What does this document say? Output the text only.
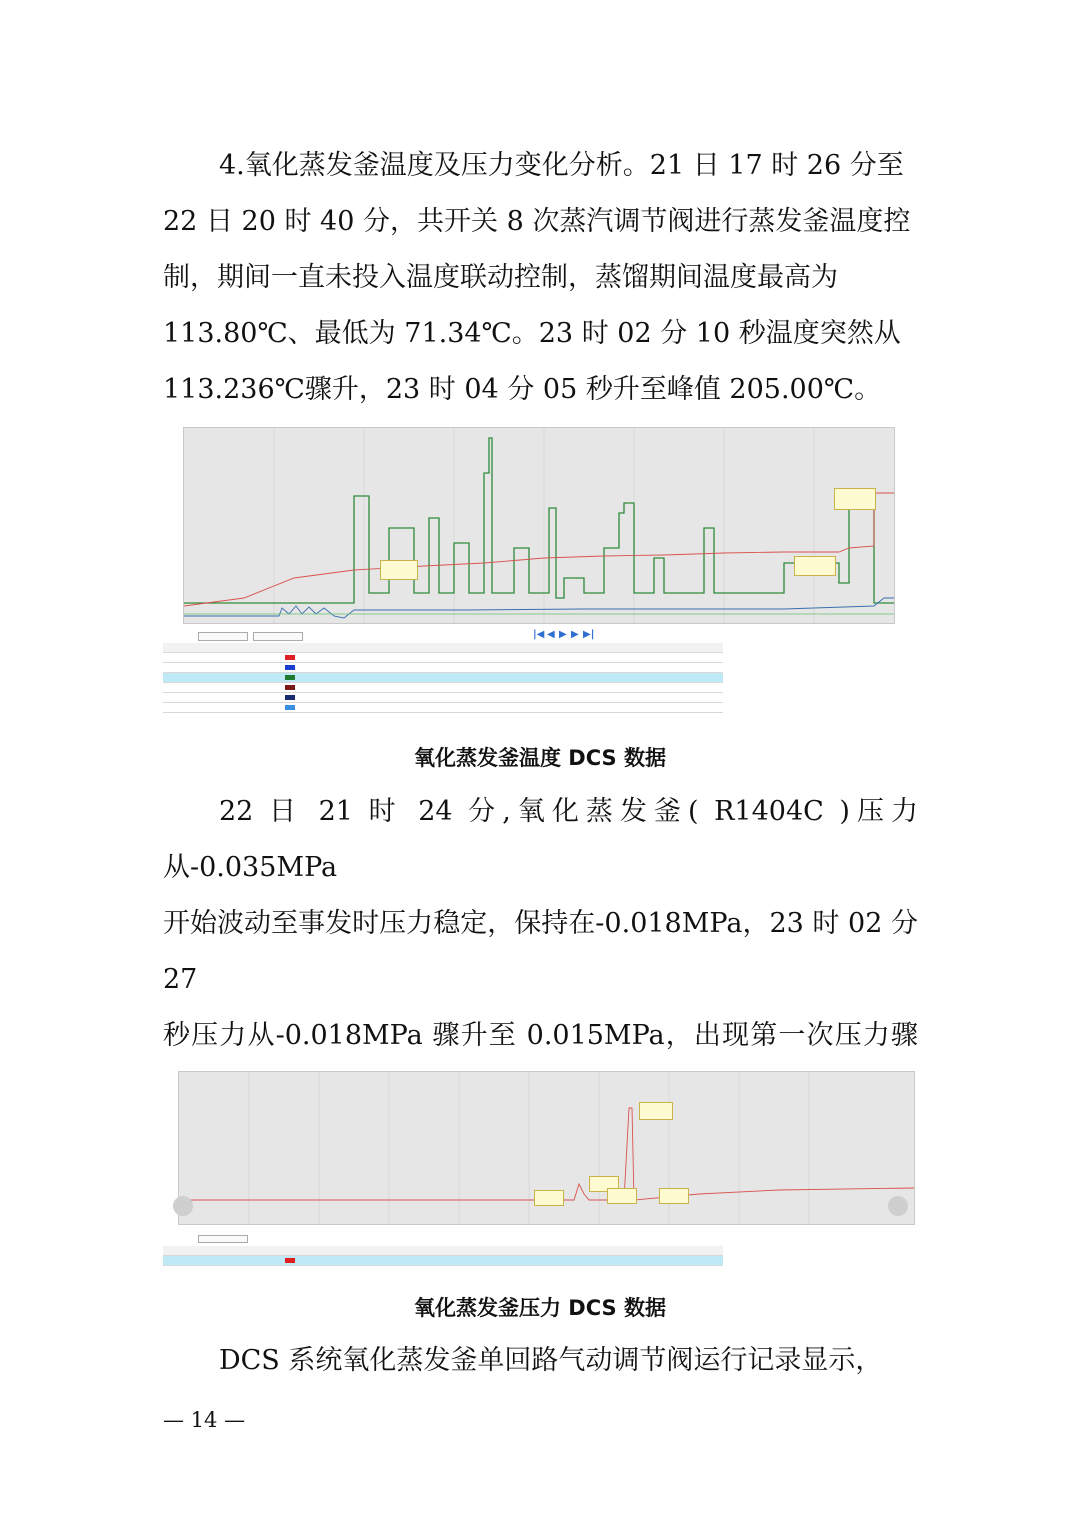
4.氧化蒸发釜温度及压力变化分析。21 日 17 时 26 分至
22 日 20 时 40 分，共开关 8 次蒸汽调节阀进行蒸发釜温度控
制，期间一直未投入温度联动控制，蒸馏期间温度最高为
113.80℃、最低为 71.34℃。23 时 02 分 10 秒温度突然从
113.236℃骤升，23 时 04 分 05 秒升至峰值 205.00℃。
|◀ ◀ ▶ ▶ ▶|
氧化蒸发釜温度 DCS 数据
22 日 21 时 24 分,氧化蒸发釜( R1404C )压力从-0.035MPa
开始波动至事发时压力稳定，保持在-0.018MPa，23 时 02 分 27
秒压力从-0.018MPa 骤升至 0.015MPa，出现第一次压力骤
氧化蒸发釜压力 DCS 数据
DCS 系统氧化蒸发釜单回路气动调节阀运行记录显示，
— 14 —
